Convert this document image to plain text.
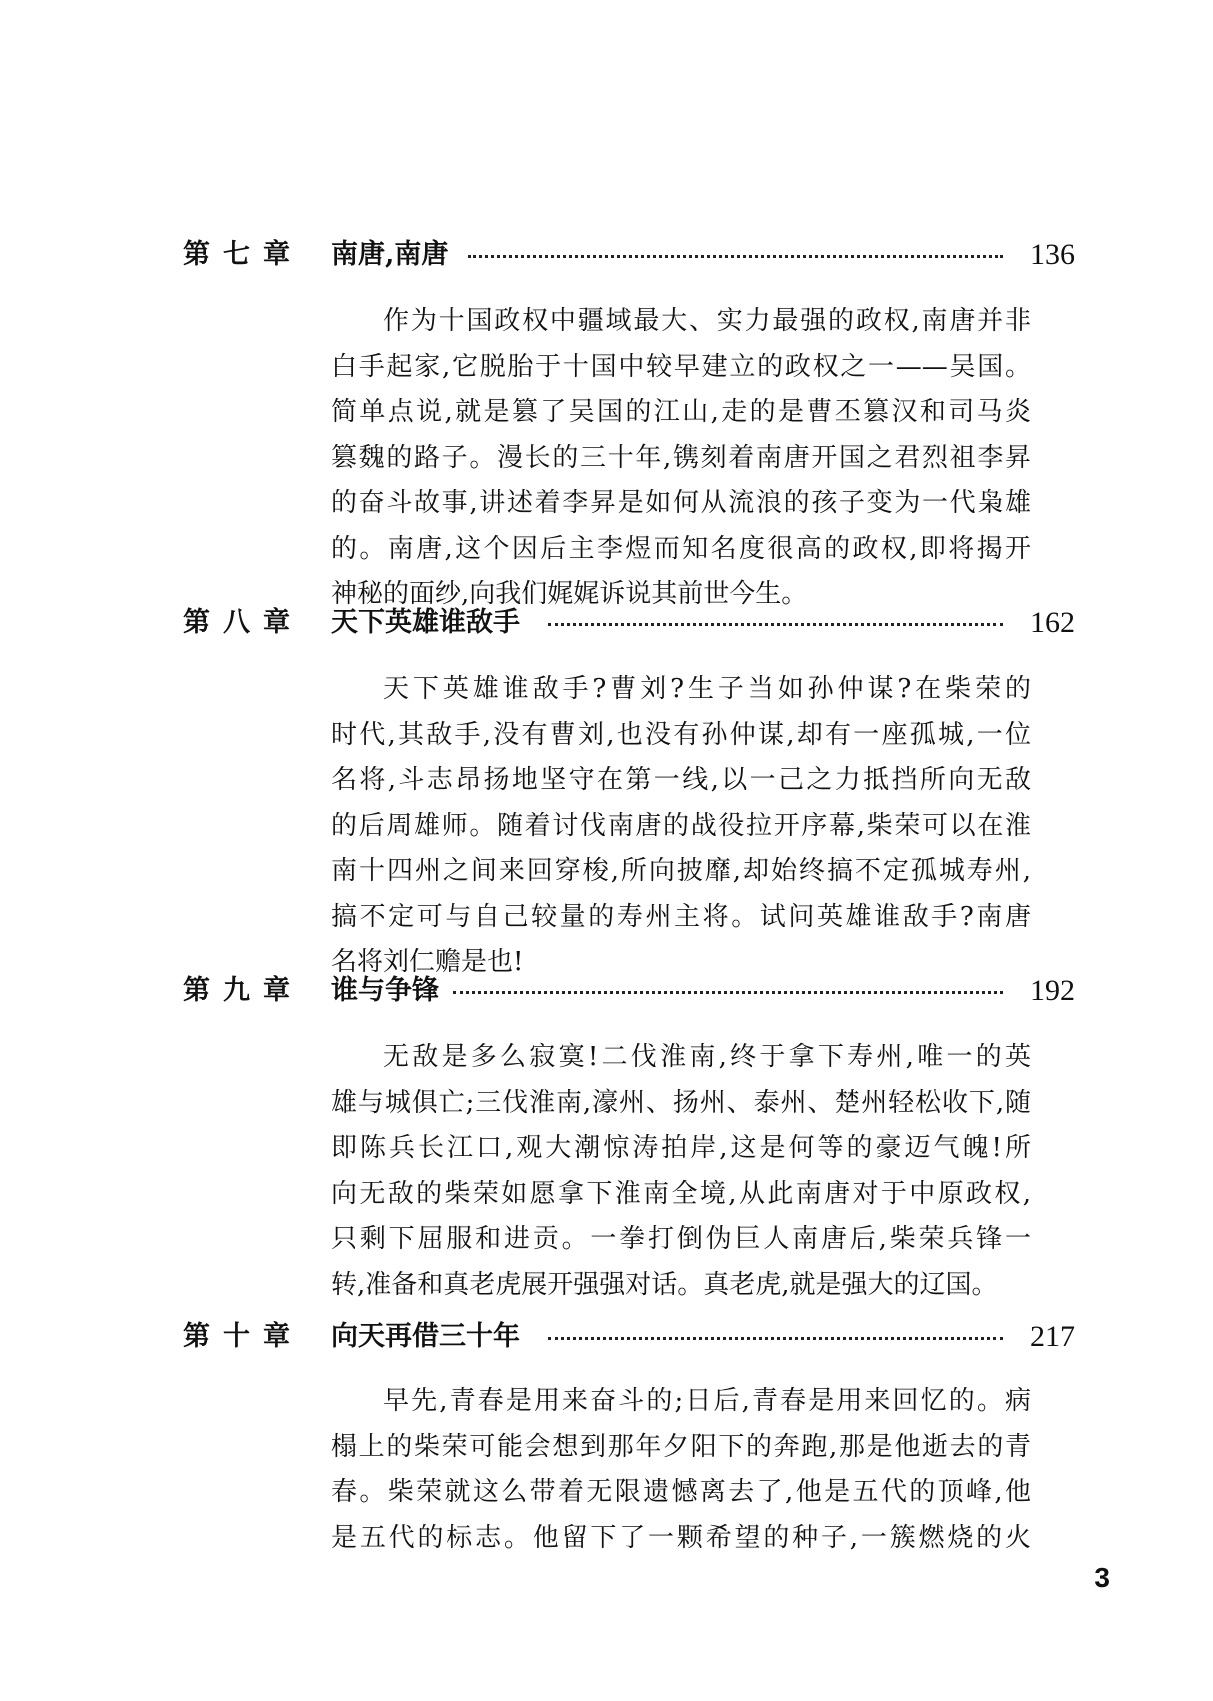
第七章 南唐,南唐	136
作为十国政权中疆域最大、实力最强的政权,南唐并非
白手起家,它脱胎于十国中较早建立的政权之一——吴国。
简单点说,就是篡了吴国的江山,走的是曹丕篡汉和司马炎
篡魏的路子。漫长的三十年,镌刻着南唐开国之君烈祖李昇
的奋斗故事,讲述着李昇是如何从流浪的孩子变为一代枭雄
的。南唐,这个因后主李煜而知名度很高的政权,即将揭开
神秘的面纱,向我们娓娓诉说其前世今生。
第八章 天下英雄谁敌手	162
天下英雄谁敌手?曹刘?生子当如孙仲谋?在柴荣的
时代,其敌手,没有曹刘,也没有孙仲谋,却有一座孤城,一位
名将,斗志昂扬地坚守在第一线,以一己之力抵挡所向无敌
的后周雄师。随着讨伐南唐的战役拉开序幕,柴荣可以在淮
南十四州之间来回穿梭,所向披靡,却始终搞不定孤城寿州,
搞不定可与自己较量的寿州主将。试问英雄谁敌手?南唐
名将刘仁赡是也!
第九章 谁与争锋	192
无敌是多么寂寞!二伐淮南,终于拿下寿州,唯一的英
雄与城俱亡;三伐淮南,濠州、扬州、泰州、楚州轻松收下,随
即陈兵长江口,观大潮惊涛拍岸,这是何等的豪迈气魄!所
向无敌的柴荣如愿拿下淮南全境,从此南唐对于中原政权,
只剩下屈服和进贡。一拳打倒伪巨人南唐后,柴荣兵锋一
转,准备和真老虎展开强强对话。真老虎,就是强大的辽国。
第十章 向天再借三十年	217
早先,青春是用来奋斗的;日后,青春是用来回忆的。病
榻上的柴荣可能会想到那年夕阳下的奔跑,那是他逝去的青
春。柴荣就这么带着无限遗憾离去了,他是五代的顶峰,他
是五代的标志。他留下了一颗希望的种子,一簇燃烧的火
3
